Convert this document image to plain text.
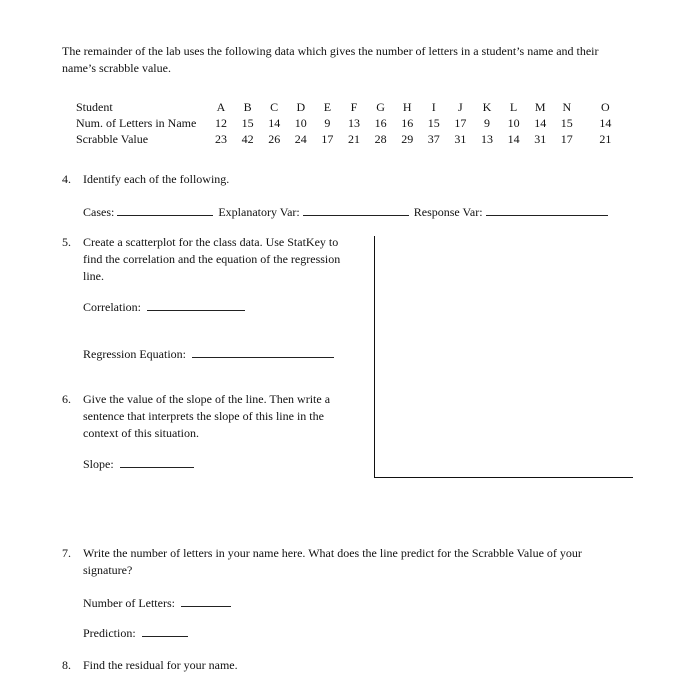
The remainder of the lab uses the following data which gives the number of letters in a student’s name and their name’s scrabble value.
Student	A	B	C	D	E	F	G	H	I	J	K	L	M	N	O
Num. of Letters in Name	12	15	14	10	9	13	16	16	15	17	9	10	14	15	14
Scrabble Value	23	42	26	24	17	21	28	29	37	31	13	14	31	17	21
4. Identify each of the following.
Cases:	Explanatory Var:	Response Var:
5. Create a scatterplot for the class data. Use StatKey to find the correlation and the equation of the regression line.
Correlation:
Regression Equation:
6. Give the value of the slope of the line. Then write a sentence that interprets the slope of this line in the context of this situation.
Slope:
7. Write the number of letters in your name here. What does the line predict for the Scrabble Value of your signature?
Number of Letters:
Prediction:
8. Find the residual for your name.
